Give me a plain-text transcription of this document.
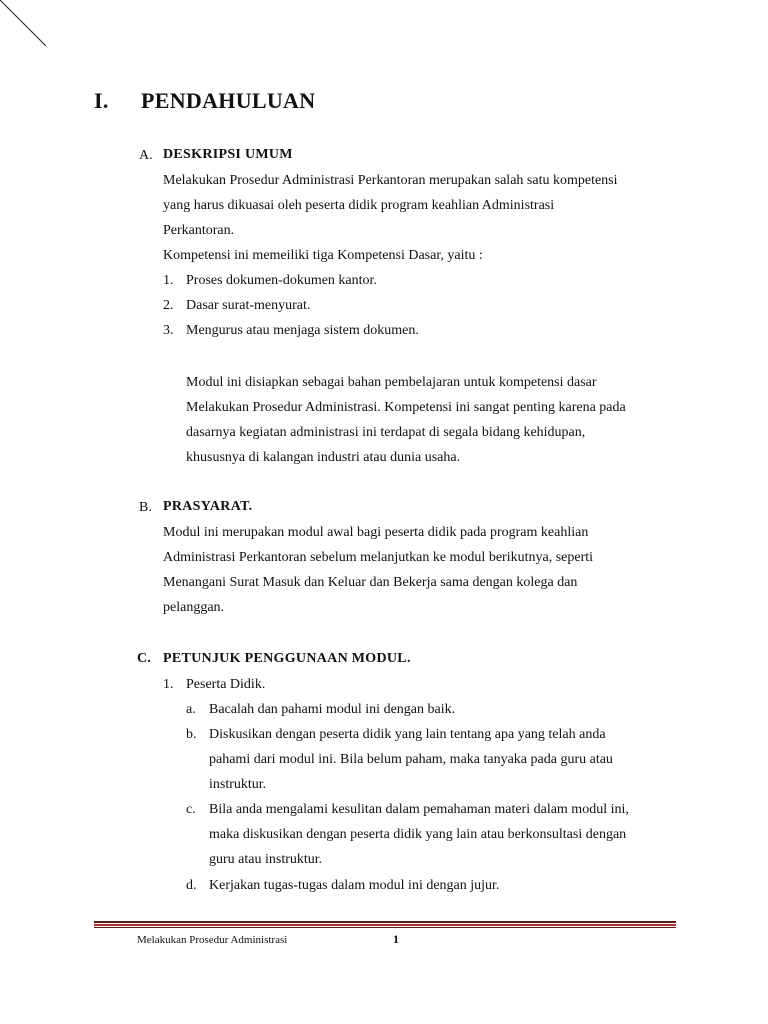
I. PENDAHULUAN
A. DESKRIPSI UMUM
Melakukan Prosedur Administrasi Perkantoran merupakan salah satu kompetensi
yang harus dikuasai oleh peserta didik program keahlian Administrasi
Perkantoran.
Kompetensi ini memeiliki tiga Kompetensi Dasar, yaitu :
1. Proses dokumen-dokumen kantor.
2. Dasar surat-menyurat.
3. Mengurus atau menjaga sistem dokumen.
Modul ini disiapkan sebagai bahan pembelajaran untuk kompetensi dasar
Melakukan Prosedur Administrasi. Kompetensi ini sangat penting karena pada
dasarnya kegiatan administrasi ini terdapat di segala bidang kehidupan,
khususnya di kalangan industri atau dunia usaha.
B. PRASYARAT.
Modul ini merupakan modul awal bagi peserta didik pada program keahlian
Administrasi Perkantoran sebelum melanjutkan ke modul berikutnya, seperti
Menangani Surat Masuk dan Keluar dan Bekerja sama dengan kolega dan
pelanggan.
C. PETUNJUK PENGGUNAAN MODUL.
1. Peserta Didik.
a. Bacalah dan pahami modul ini dengan baik.
b. Diskusikan dengan peserta didik yang lain tentang apa yang telah anda
pahami dari modul ini. Bila belum paham, maka tanyaka pada guru atau
instruktur.
c. Bila anda mengalami kesulitan dalam pemahaman materi dalam modul ini,
maka diskusikan dengan peserta didik yang lain atau berkonsultasi dengan
guru atau instruktur.
d. Kerjakan tugas-tugas dalam modul ini dengan jujur.
Melakukan Prosedur Administrasi	1
